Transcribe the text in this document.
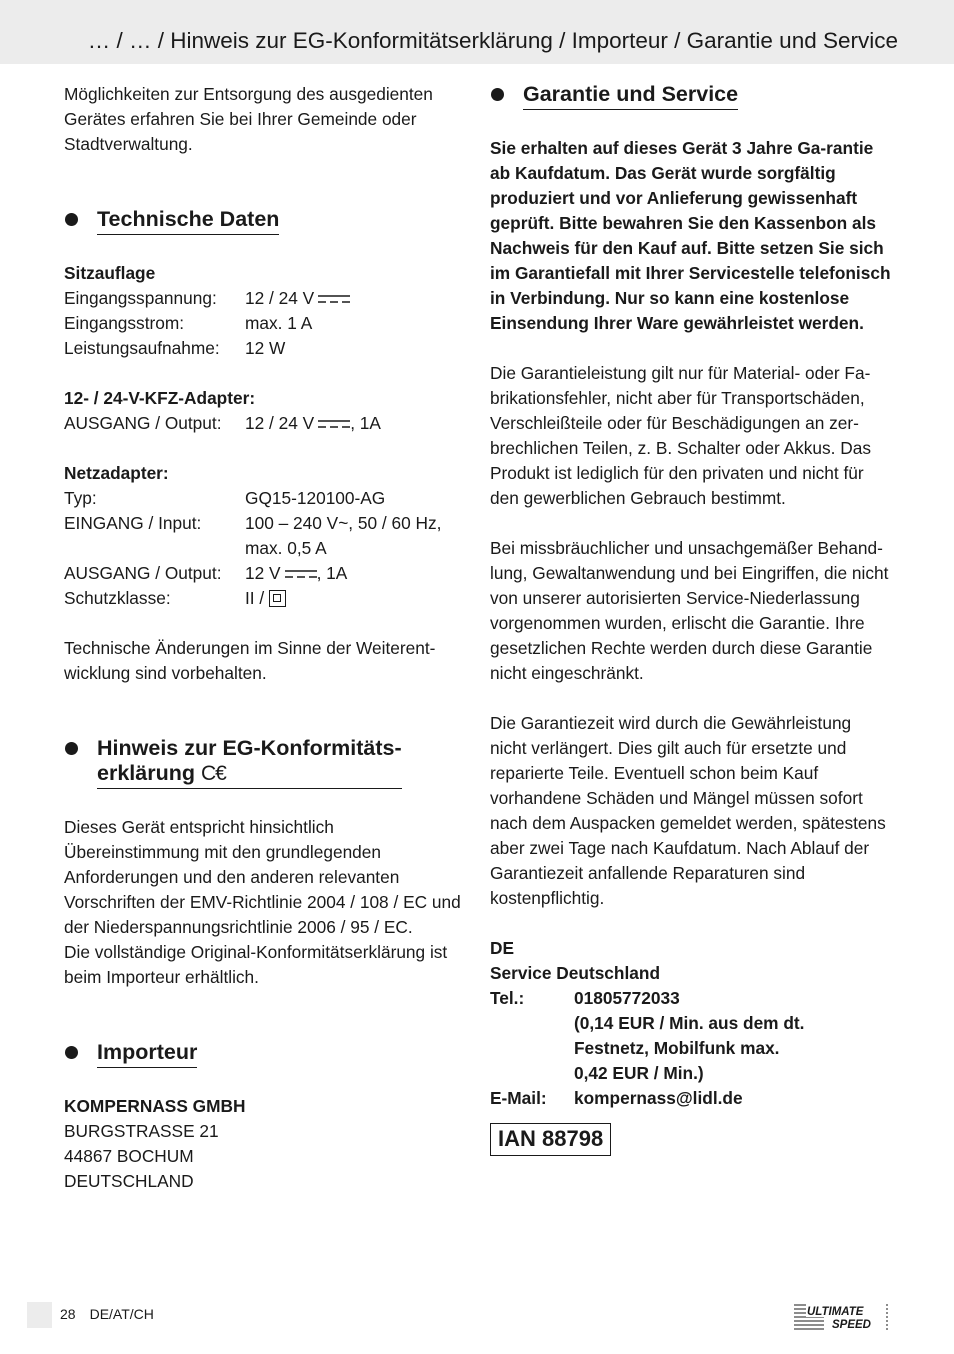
… / … / Hinweis zur EG-Konformitätserklärung / Importeur / Garantie und Service

Möglichkeiten zur Entsorgung des ausgedienten Gerätes erfahren Sie bei Ihrer Gemeinde oder Stadtverwaltung.

Technische Daten

Sitzauflage

Eingangsspannung:	12 / 24 V
Eingangsstrom:	max. 1 A
Leistungsaufnahme:	12 W

12- / 24-V-KFZ-Adapter:

AUSGANG / Output:	12 / 24 V , 1A

Netzadapter:

Typ:	GQ15-120100-AG
EINGANG / Input:	100 – 240 V~, 50 / 60 Hz,
max. 0,5 A
AUSGANG / Output:	12 V , 1A
Schutzklasse:	II /

Technische Änderungen im Sinne der Weiterent-wicklung sind vorbehalten.

Hinweis zur EG-Konformitäts-
erklärung C€

Dieses Gerät entspricht hinsichtlich Übereinstimmung mit den grundlegenden Anforderungen und den anderen relevanten Vorschriften der EMV-Richtlinie 2004 / 108 / EC und der Niederspannungsrichtlinie 2006 / 95 / EC.

Die vollständige Original-Konformitätserklärung ist beim Importeur erhältlich.

Importeur

KOMPERNASS GMBH

BURGSTRASSE 21

44867 BOCHUM

DEUTSCHLAND

Garantie und Service

Sie erhalten auf dieses Gerät 3 Jahre Ga-rantie ab Kaufdatum. Das Gerät wurde sorgfältig produziert und vor Anlieferung gewissenhaft geprüft. Bitte bewahren Sie den Kassenbon als Nachweis für den Kauf auf. Bitte setzen Sie sich im Garantiefall mit Ihrer Servicestelle telefonisch in Verbindung. Nur so kann eine kostenlose Einsendung Ihrer Ware gewährleistet werden.

Die Garantieleistung gilt nur für Material- oder Fa-brikationsfehler, nicht aber für Transportschäden, Verschleißteile oder für Beschädigungen an zer-brechlichen Teilen, z. B. Schalter oder Akkus. Das Produkt ist lediglich für den privaten und nicht für den gewerblichen Gebrauch bestimmt.

Bei missbräuchlicher und unsachgemäßer Behand-lung, Gewaltanwendung und bei Eingriffen, die nicht von unserer autorisierten Service-Niederlassung vorgenommen wurden, erlischt die Garantie. Ihre gesetzlichen Rechte werden durch diese Garantie nicht eingeschränkt.

Die Garantiezeit wird durch die Gewährleistung nicht verlängert. Dies gilt auch für ersetzte und reparierte Teile. Eventuell schon beim Kauf vorhandene Schäden und Mängel müssen sofort nach dem Auspacken gemeldet werden, spätestens aber zwei Tage nach Kaufdatum. Nach Ablauf der Garantiezeit anfallende Reparaturen sind kostenpflichtig.

DE

Service Deutschland

Tel.:	01805772033
(0,14 EUR / Min. aus dem dt.
Festnetz, Mobilfunk max.
0,42 EUR / Min.)
E-Mail:	kompernass@lidl.de
IAN 88798
28 DE/AT/CH	ULTIMATE
SPEED
